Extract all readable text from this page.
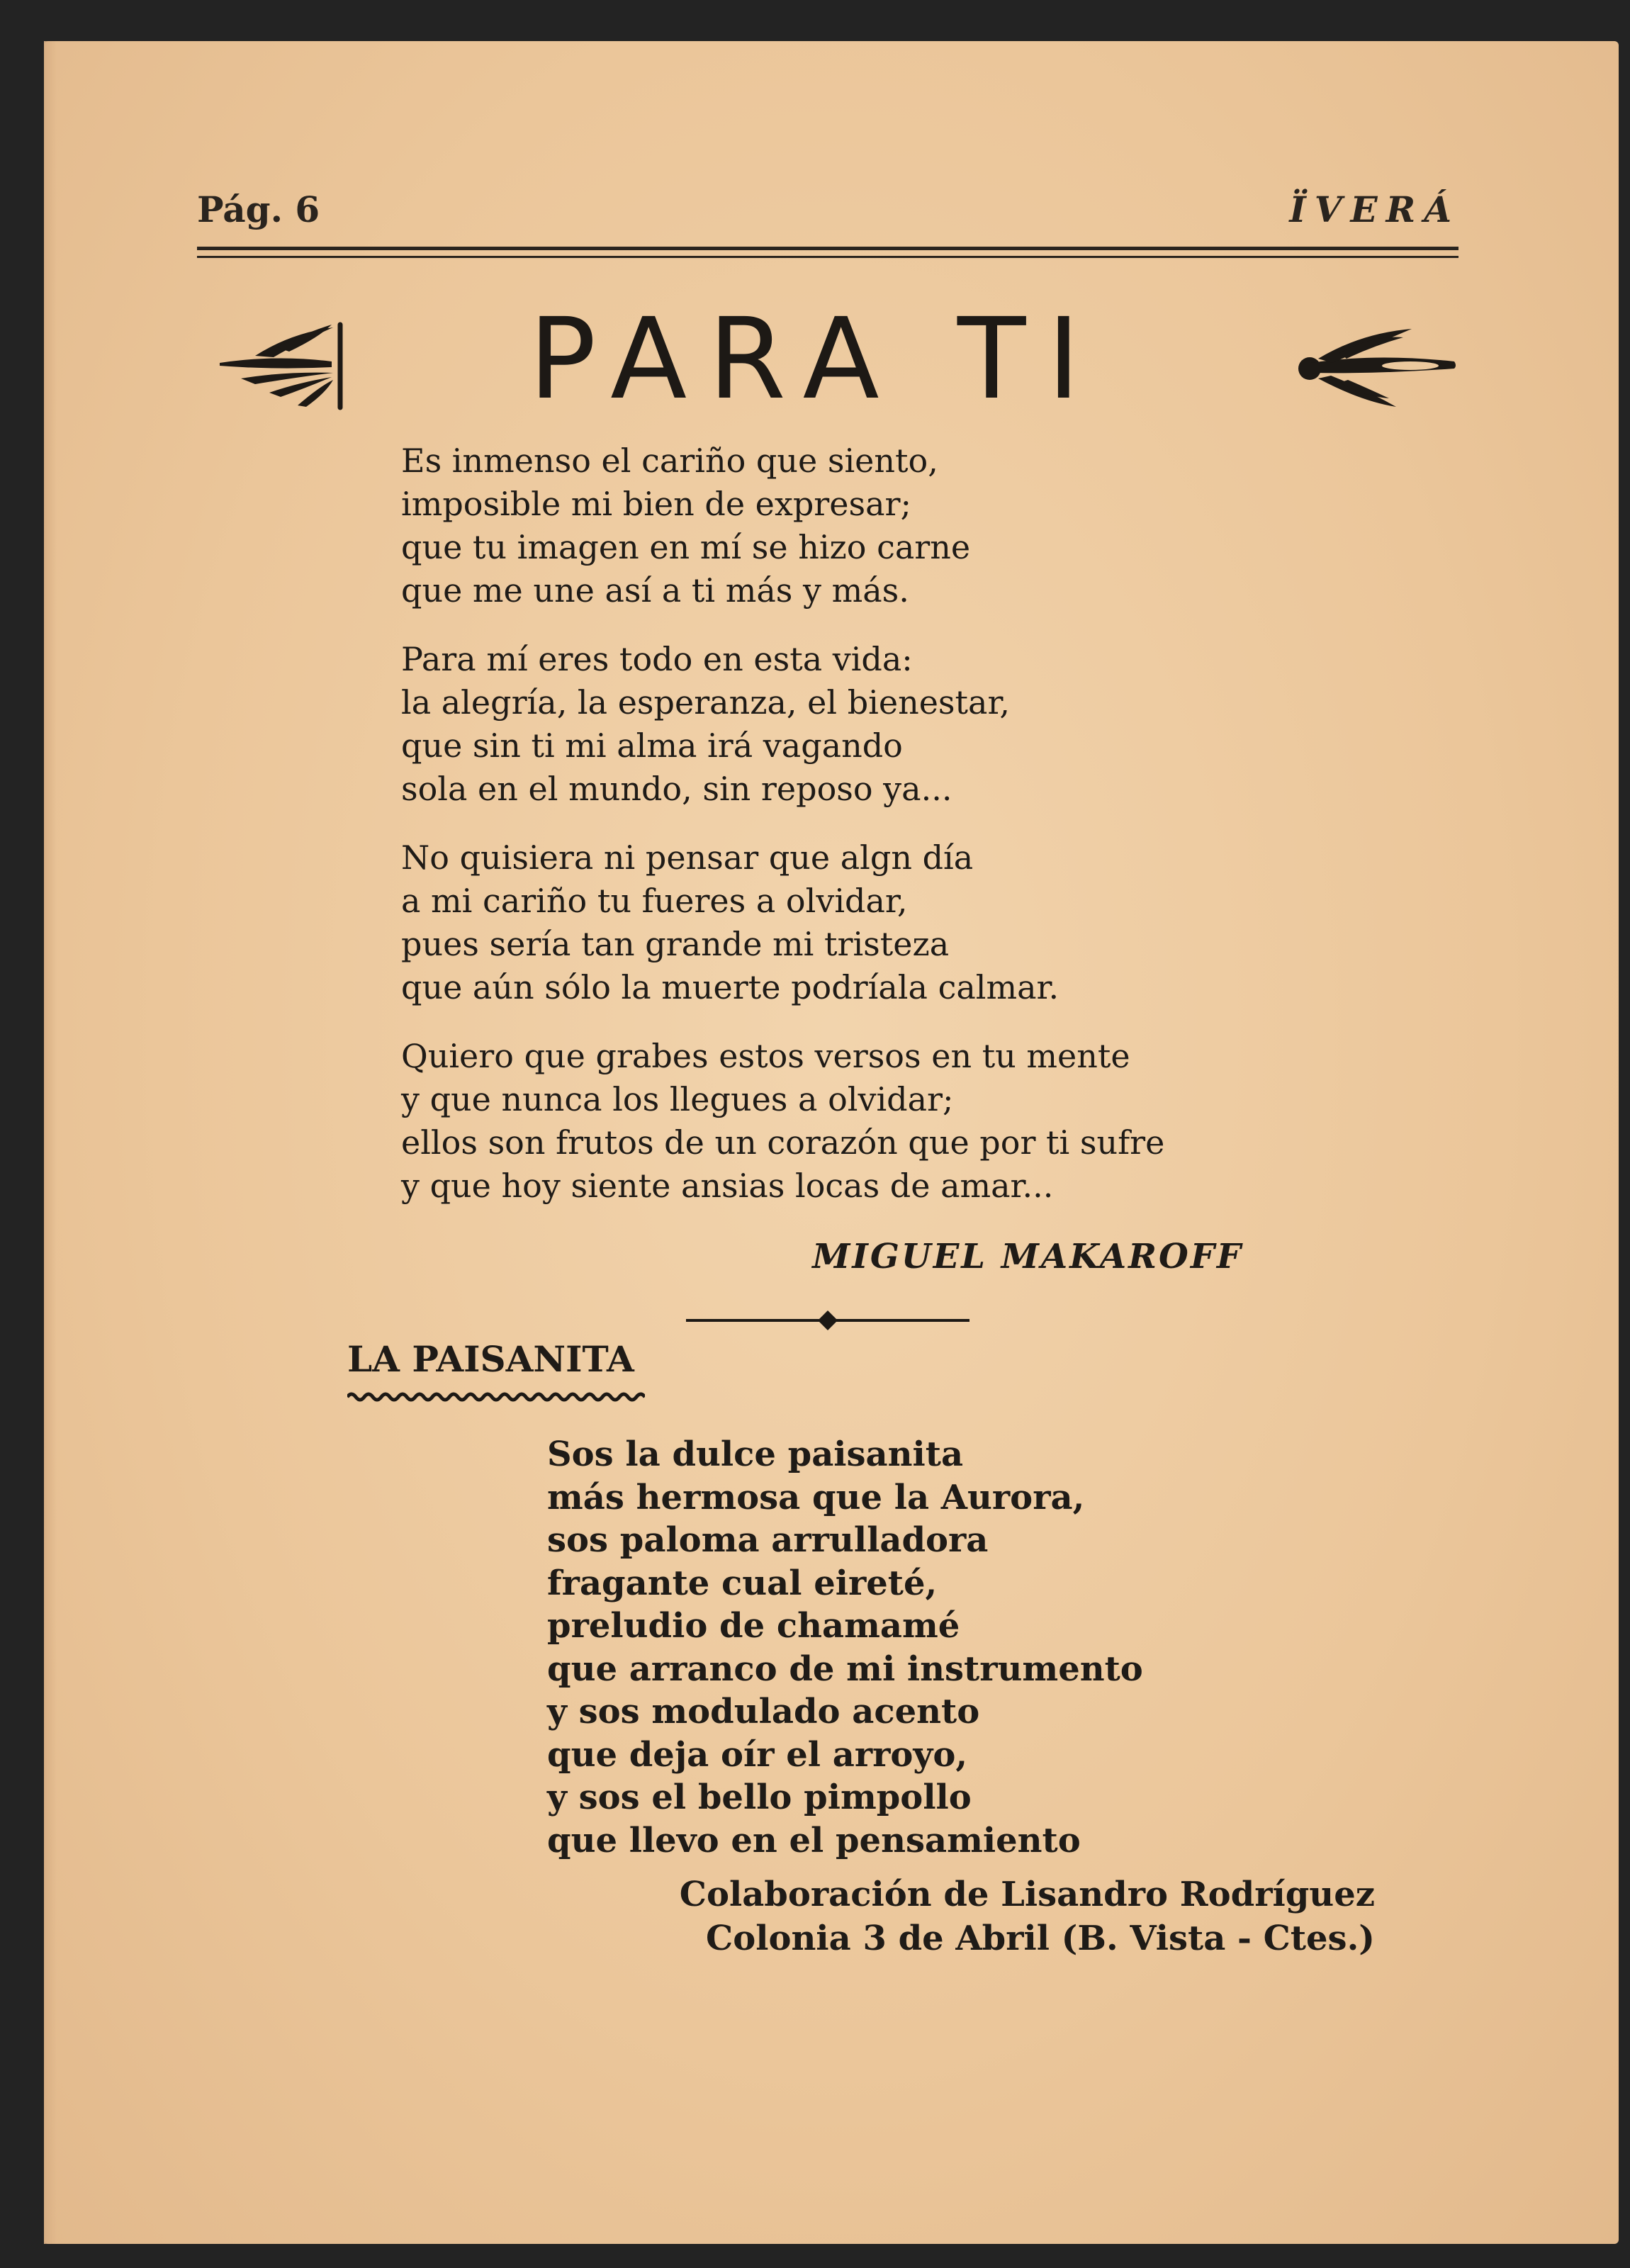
Pág. 6	ÏVERÁ
PARA TI
Es inmenso el cariño que siento,
imposible mi bien de expresar;
que tu imagen en mí se hizo carne
que me une así a ti más y más.
Para mí eres todo en esta vida:
la alegría, la esperanza, el bienestar,
que sin ti mi alma irá vagando
sola en el mundo, sin reposo ya...
No quisiera ni pensar que algn día
a mi cariño tu fueres a olvidar,
pues sería tan grande mi tristeza
que aún sólo la muerte podríala calmar.
Quiero que grabes estos versos en tu mente
y que nunca los llegues a olvidar;
ellos son frutos de un corazón que por ti sufre
y que hoy siente ansias locas de amar...
MIGUEL MAKAROFF
LA PAISANITA
Sos la dulce paisanita
más hermosa que la Aurora,
sos paloma arrulladora
fragante cual eireté,
preludio de chamamé
que arranco de mi instrumento
y sos modulado acento
que deja oír el arroyo,
y sos el bello pimpollo
que llevo en el pensamiento
Colaboración de Lisandro Rodríguez
Colonia 3 de Abril (B. Vista - Ctes.)
